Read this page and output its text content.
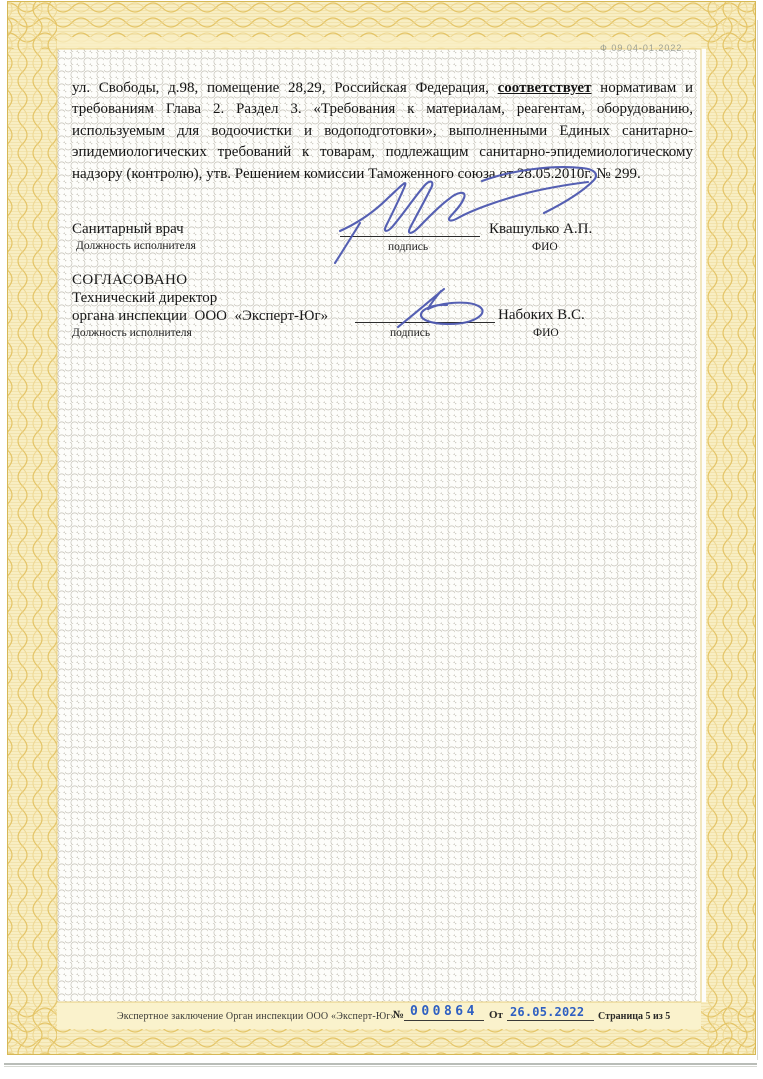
Ф 09.04-01.2022
ул. Свободы, д.98, помещение 28,29, Российская Федерация, соответствует нормативам и требованиям Глава 2. Раздел 3. «Требования к материалам, реагентам, оборудованию, используемым для водоочистки и водоподготовки», выполненными Единых санитарно-эпидемиологических требований к товарам, подлежащим санитарно-эпидемиологическому надзору (контролю), утв. Решением комиссии Таможенного союза от 28.05.2010г. № 299.
Санитарный врач
Должность исполнителя	подпись
Квашулько А.П.
ФИО
СОГЛАСОВАНО
Технический директор
органа инспекции  ООО  «Эксперт-Юг»
Должность исполнителя	подпись
Набоких В.С.
ФИО
Экспертное заключение Орган инспекции ООО «Эксперт-Юг»
№ 000864 От 26.05.2022 Страница 5 из 5
